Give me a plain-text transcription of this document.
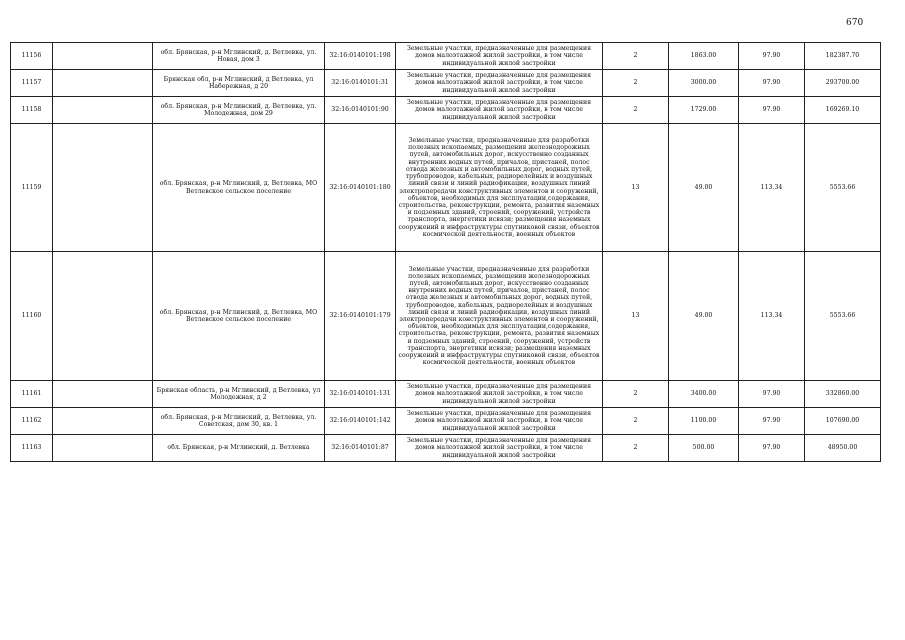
670
11156		обл. Брянская, р-н Мглинский, д. Ветлевка, ул. Новая, дом 3	32:16:0140101:198	Земельные участки, предназначенные для размещения домов малоэтажной жилой застройки, в том числе индивидуальной жилой застройки	2	1863.00	97.90	182387.70
11157		Брянская обл, р-н Мглинский, д Ветлевка, ул Набережная, д 20	32:16:0140101:31	Земельные участки, предназначенные для размещения домов малоэтажной жилой застройки, в том числе индивидуальной жилой застройки	2	3000.00	97.90	293700.00
11158		обл. Брянская, р-н Мглинский, д. Ветлевка, ул. Молодежная, дом 29	32:16:0140101:90	Земельные участки, предназначенные для размещения домов малоэтажной жилой застройки, в том числе индивидуальной жилой застройки	2	1729.00	97.90	169269.10
11159		обл. Брянская, р-н Мглинский, д. Ветлевка, МО Ветлевское сельское поселение	32:16:0140101:180	Земельные участки, предназначенные для разработки полезных ископаемых, размещения железнодорожных путей, автомобильных дорог, искусственно созданных внутренних водных путей, причалов, пристаней, полос отвода железных и автомобильных дорог, водных путей, трубопроводов, кабельных, радиорелейных и воздушных линий связи и линий радиофикации, воздушных линий электропередачи конструктивных элементов и сооружений, объектов, необходимых для эксплуатации,содержания, строительства, реконструкции, ремонта, развития наземных и подземных зданий, строений, сооружений, устройств транспорта, энергетики исвязи; размещения наземных сооружений и инфраструктуры спутниковой связи, объектов космической деятельности, военных объектов	13	49.00	113.34	5553.66
11160		обл. Брянская, р-н Мглинский, д. Ветлевка, МО Ветлевское сельское поселение	32:16:0140101:179	Земельные участки, предназначенные для разработки полезных ископаемых, размещения железнодорожных путей, автомобильных дорог, искусственно созданных внутренних водных путей, причалов, пристаней, полос отвода железных и автомобильных дорог, водных путей, трубопроводов, кабельных, радиорелейных и воздушных линий связи и линий радиофикации, воздушных линий электропередачи конструктивных элементов и сооружений, объектов, необходимых для эксплуатации,содержания, строительства, реконструкции, ремонта, развития наземных и подземных зданий, строений, сооружений, устройств транспорта, энергетики исвязи; размещения наземных сооружений и инфраструктуры спутниковой связи, объектов космической деятельности, военных объектов	13	49.00	113.34	5553.66
11161		Брянская область, р-н Мглинский, д Ветлевка, ул Молодежная, д 2	32:16:0140101:131	Земельные участки, предназначенные для размещения домов малоэтажной жилой застройки, в том числе индивидуальной жилой застройки	2	3400.00	97.90	332860.00
11162		обл. Брянская, р-н Мглинский, д. Ветлевка, ул. Советская, дом 30, кв. 1	32:16:0140101:142	Земельные участки, предназначенные для размещения домов малоэтажной жилой застройки, в том числе индивидуальной жилой застройки	2	1100.00	97.90	107690.00
11163		обл. Брянская, р-н Мглинский, д. Ветлевка	32:16:0140101:87	Земельные участки, предназначенные для размещения домов малоэтажной жилой застройки, в том числе индивидуальной жилой застройки	2	500.00	97.90	48950.00
